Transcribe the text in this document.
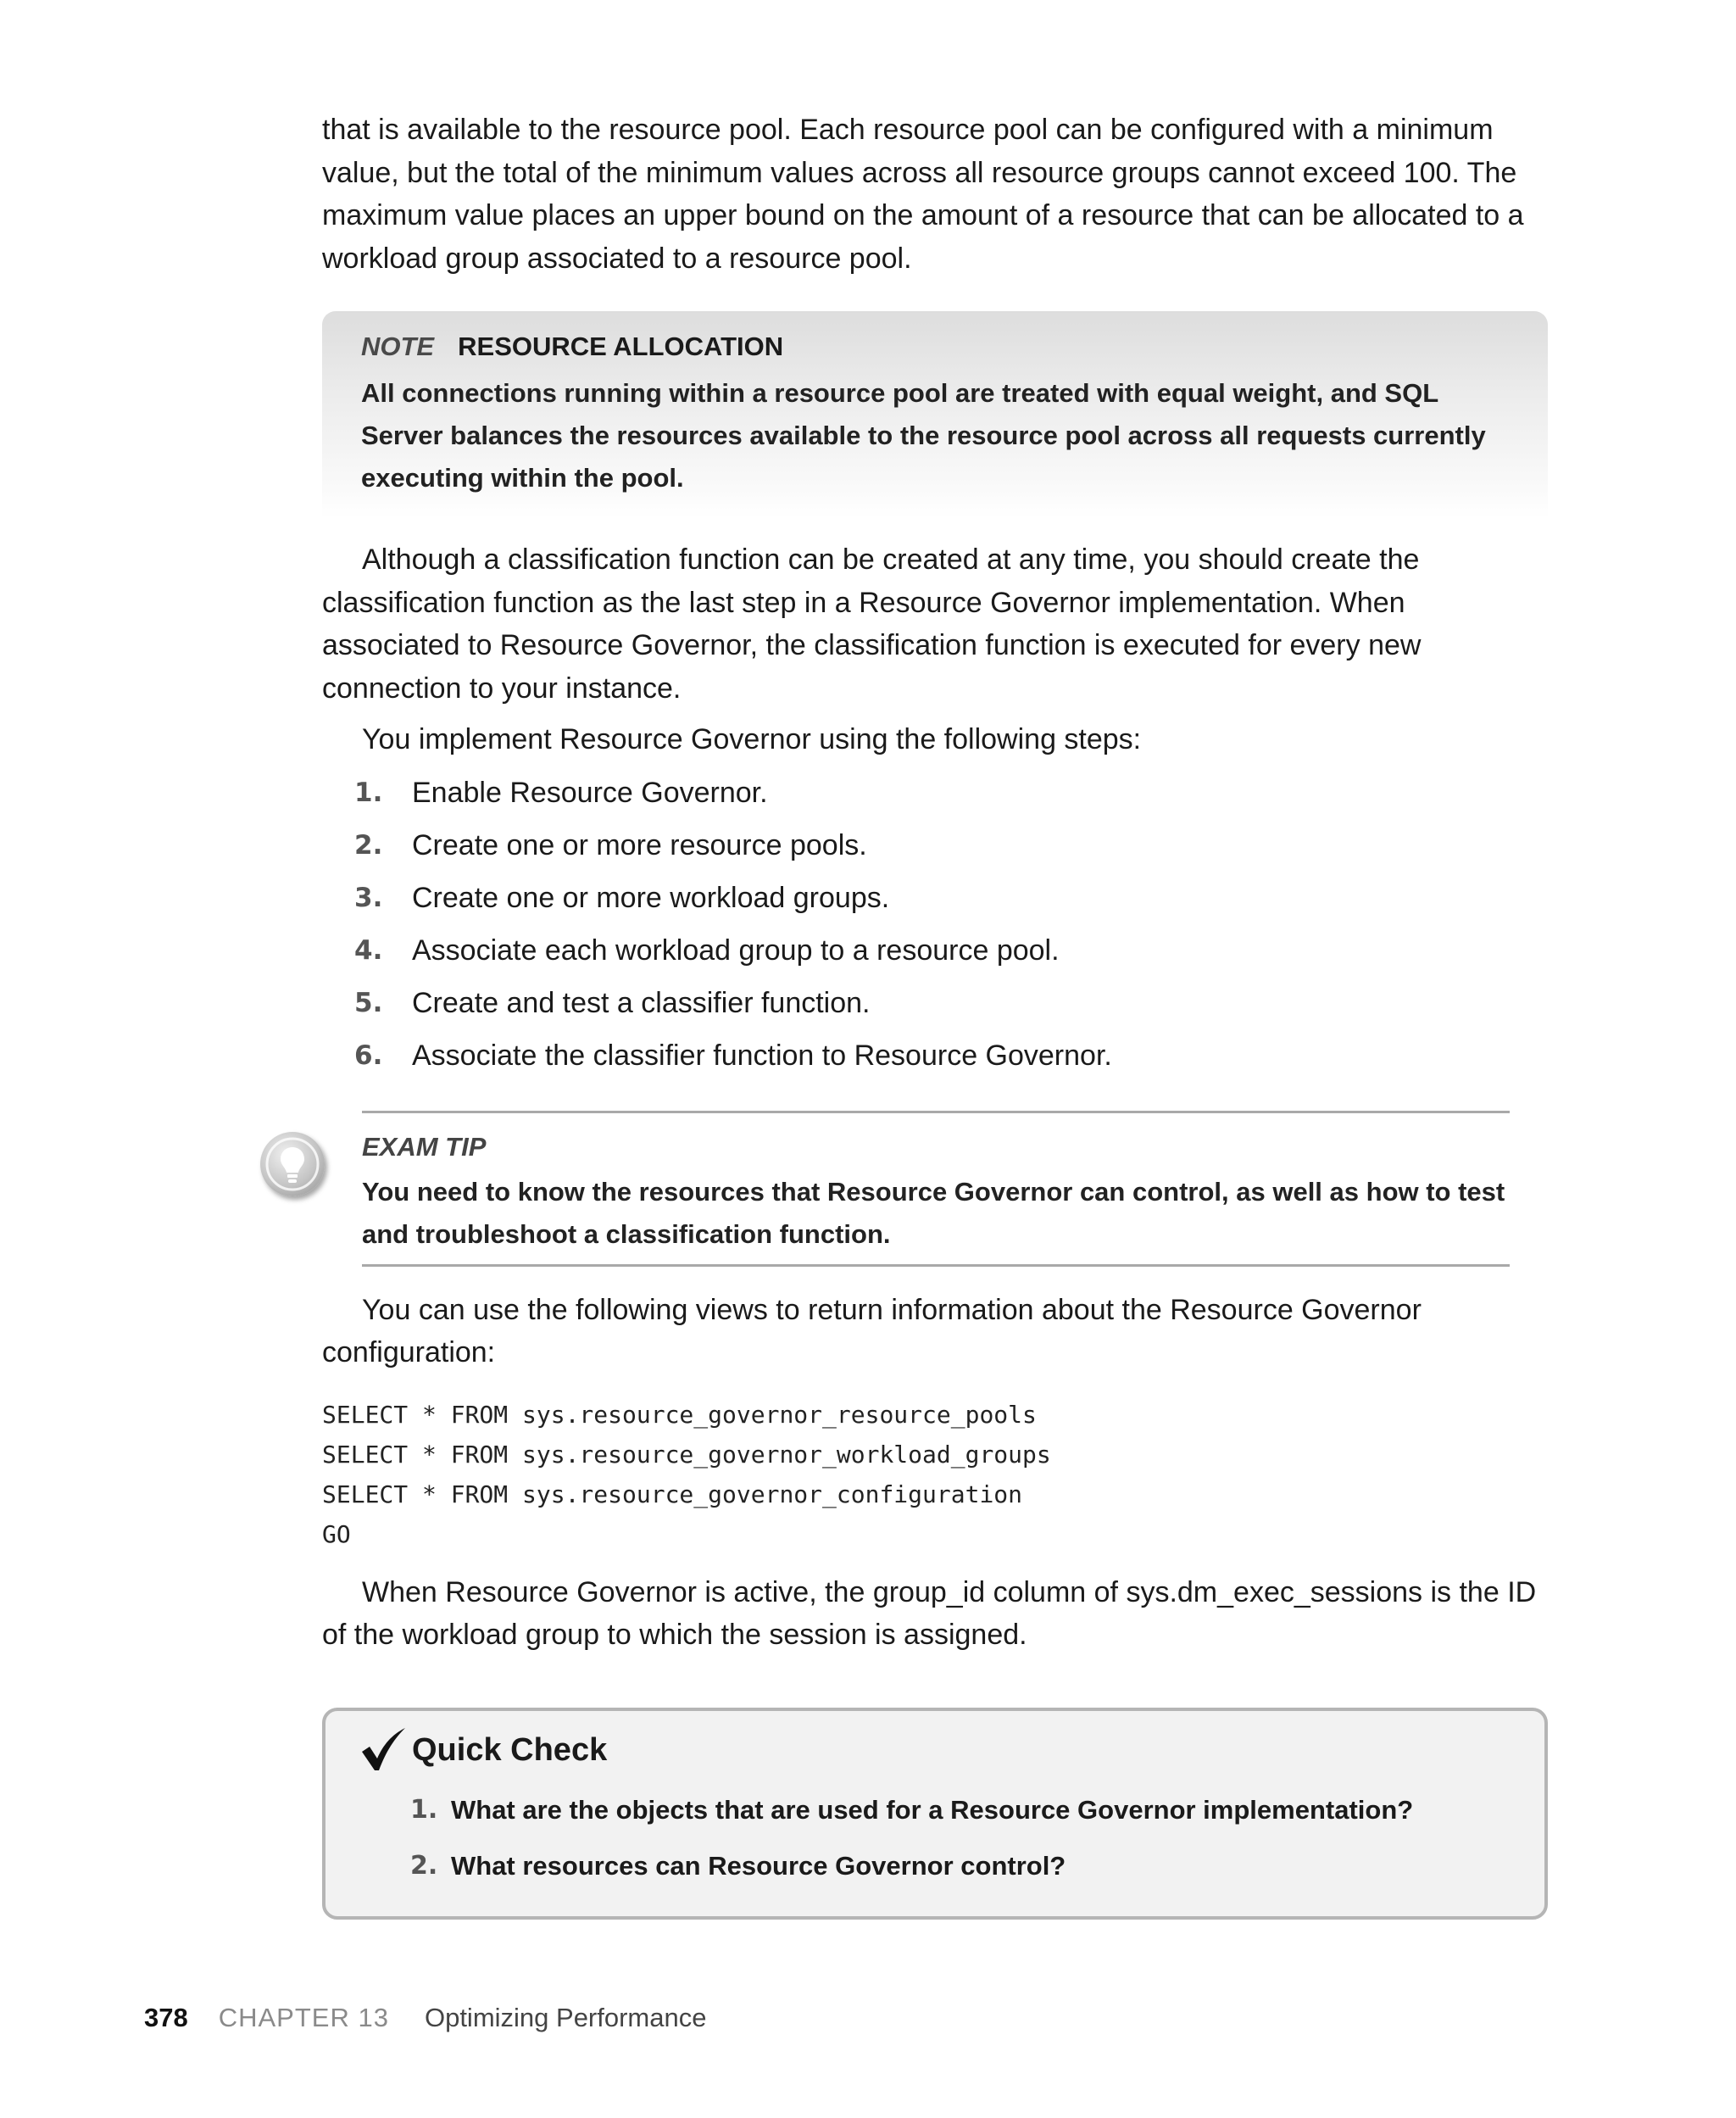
that is available to the resource pool. Each resource pool can be configured with a minimum value, but the total of the minimum values across all resource groups cannot exceed 100. The maximum value places an upper bound on the amount of a resource that can be allocated to a workload group associated to a resource pool.

NOTE RESOURCE ALLOCATION

All connections running within a resource pool are treated with equal weight, and SQL Server balances the resources available to the resource pool across all requests currently executing within the pool.

Although a classification function can be created at any time, you should create the classification function as the last step in a Resource Governor implementation. When associated to Resource Governor, the classification function is executed for every new connection to your instance.

You implement Resource Governor using the following steps:

1. Enable Resource Governor.
2. Create one or more resource pools.
3. Create one or more workload groups.
4. Associate each workload group to a resource pool.
5. Create and test a classifier function.
6. Associate the classifier function to Resource Governor.
EXAM TIP

You need to know the resources that Resource Governor can control, as well as how to test and troubleshoot a classification function.

You can use the following views to return information about the Resource Governor configuration:

SELECT * FROM sys.resource_governor_resource_pools
SELECT * FROM sys.resource_governor_workload_groups
SELECT * FROM sys.resource_governor_configuration
GO

When Resource Governor is active, the group_id column of sys.dm_exec_sessions is the ID of the workload group to which the session is assigned.

Quick Check
1. What are the objects that are used for a Resource Governor implementation?
2. What resources can Resource Governor control?
378 CHAPTER 13 Optimizing Performance
